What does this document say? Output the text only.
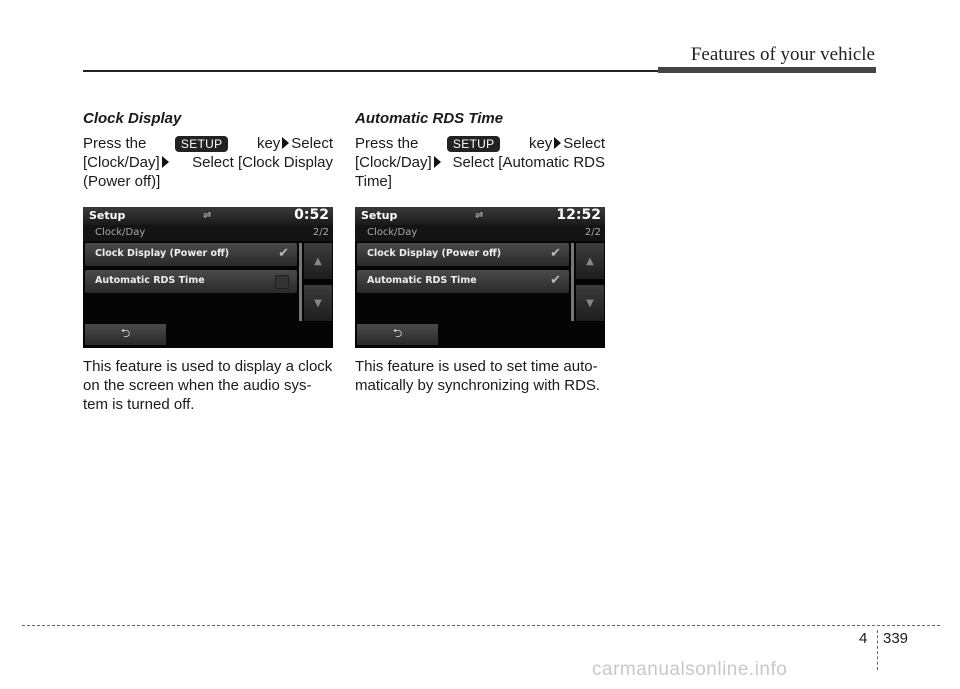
Features of your vehicle
Clock Display
Press the	SETUP	key Select
[Clock/Day]	Select [Clock Display
(Power off)]
Setup	⇌	0:52
Clock/Day	2/2
Clock Display (Power off)	✔
Automatic RDS Time
▲
▼
⮌
This feature is used to display a clock
on the screen when the audio sys-
tem is turned off.
Automatic RDS Time
Press the	SETUP	key Select
[Clock/Day]	Select [Automatic RDS
Time]
Setup	⇌	12:52
Clock/Day	2/2
Clock Display (Power off)	✔
Automatic RDS Time	✔
▲
▼
⮌
This feature is used to set time auto-
matically by synchronizing with RDS.
4 339
carmanualsonline.info
